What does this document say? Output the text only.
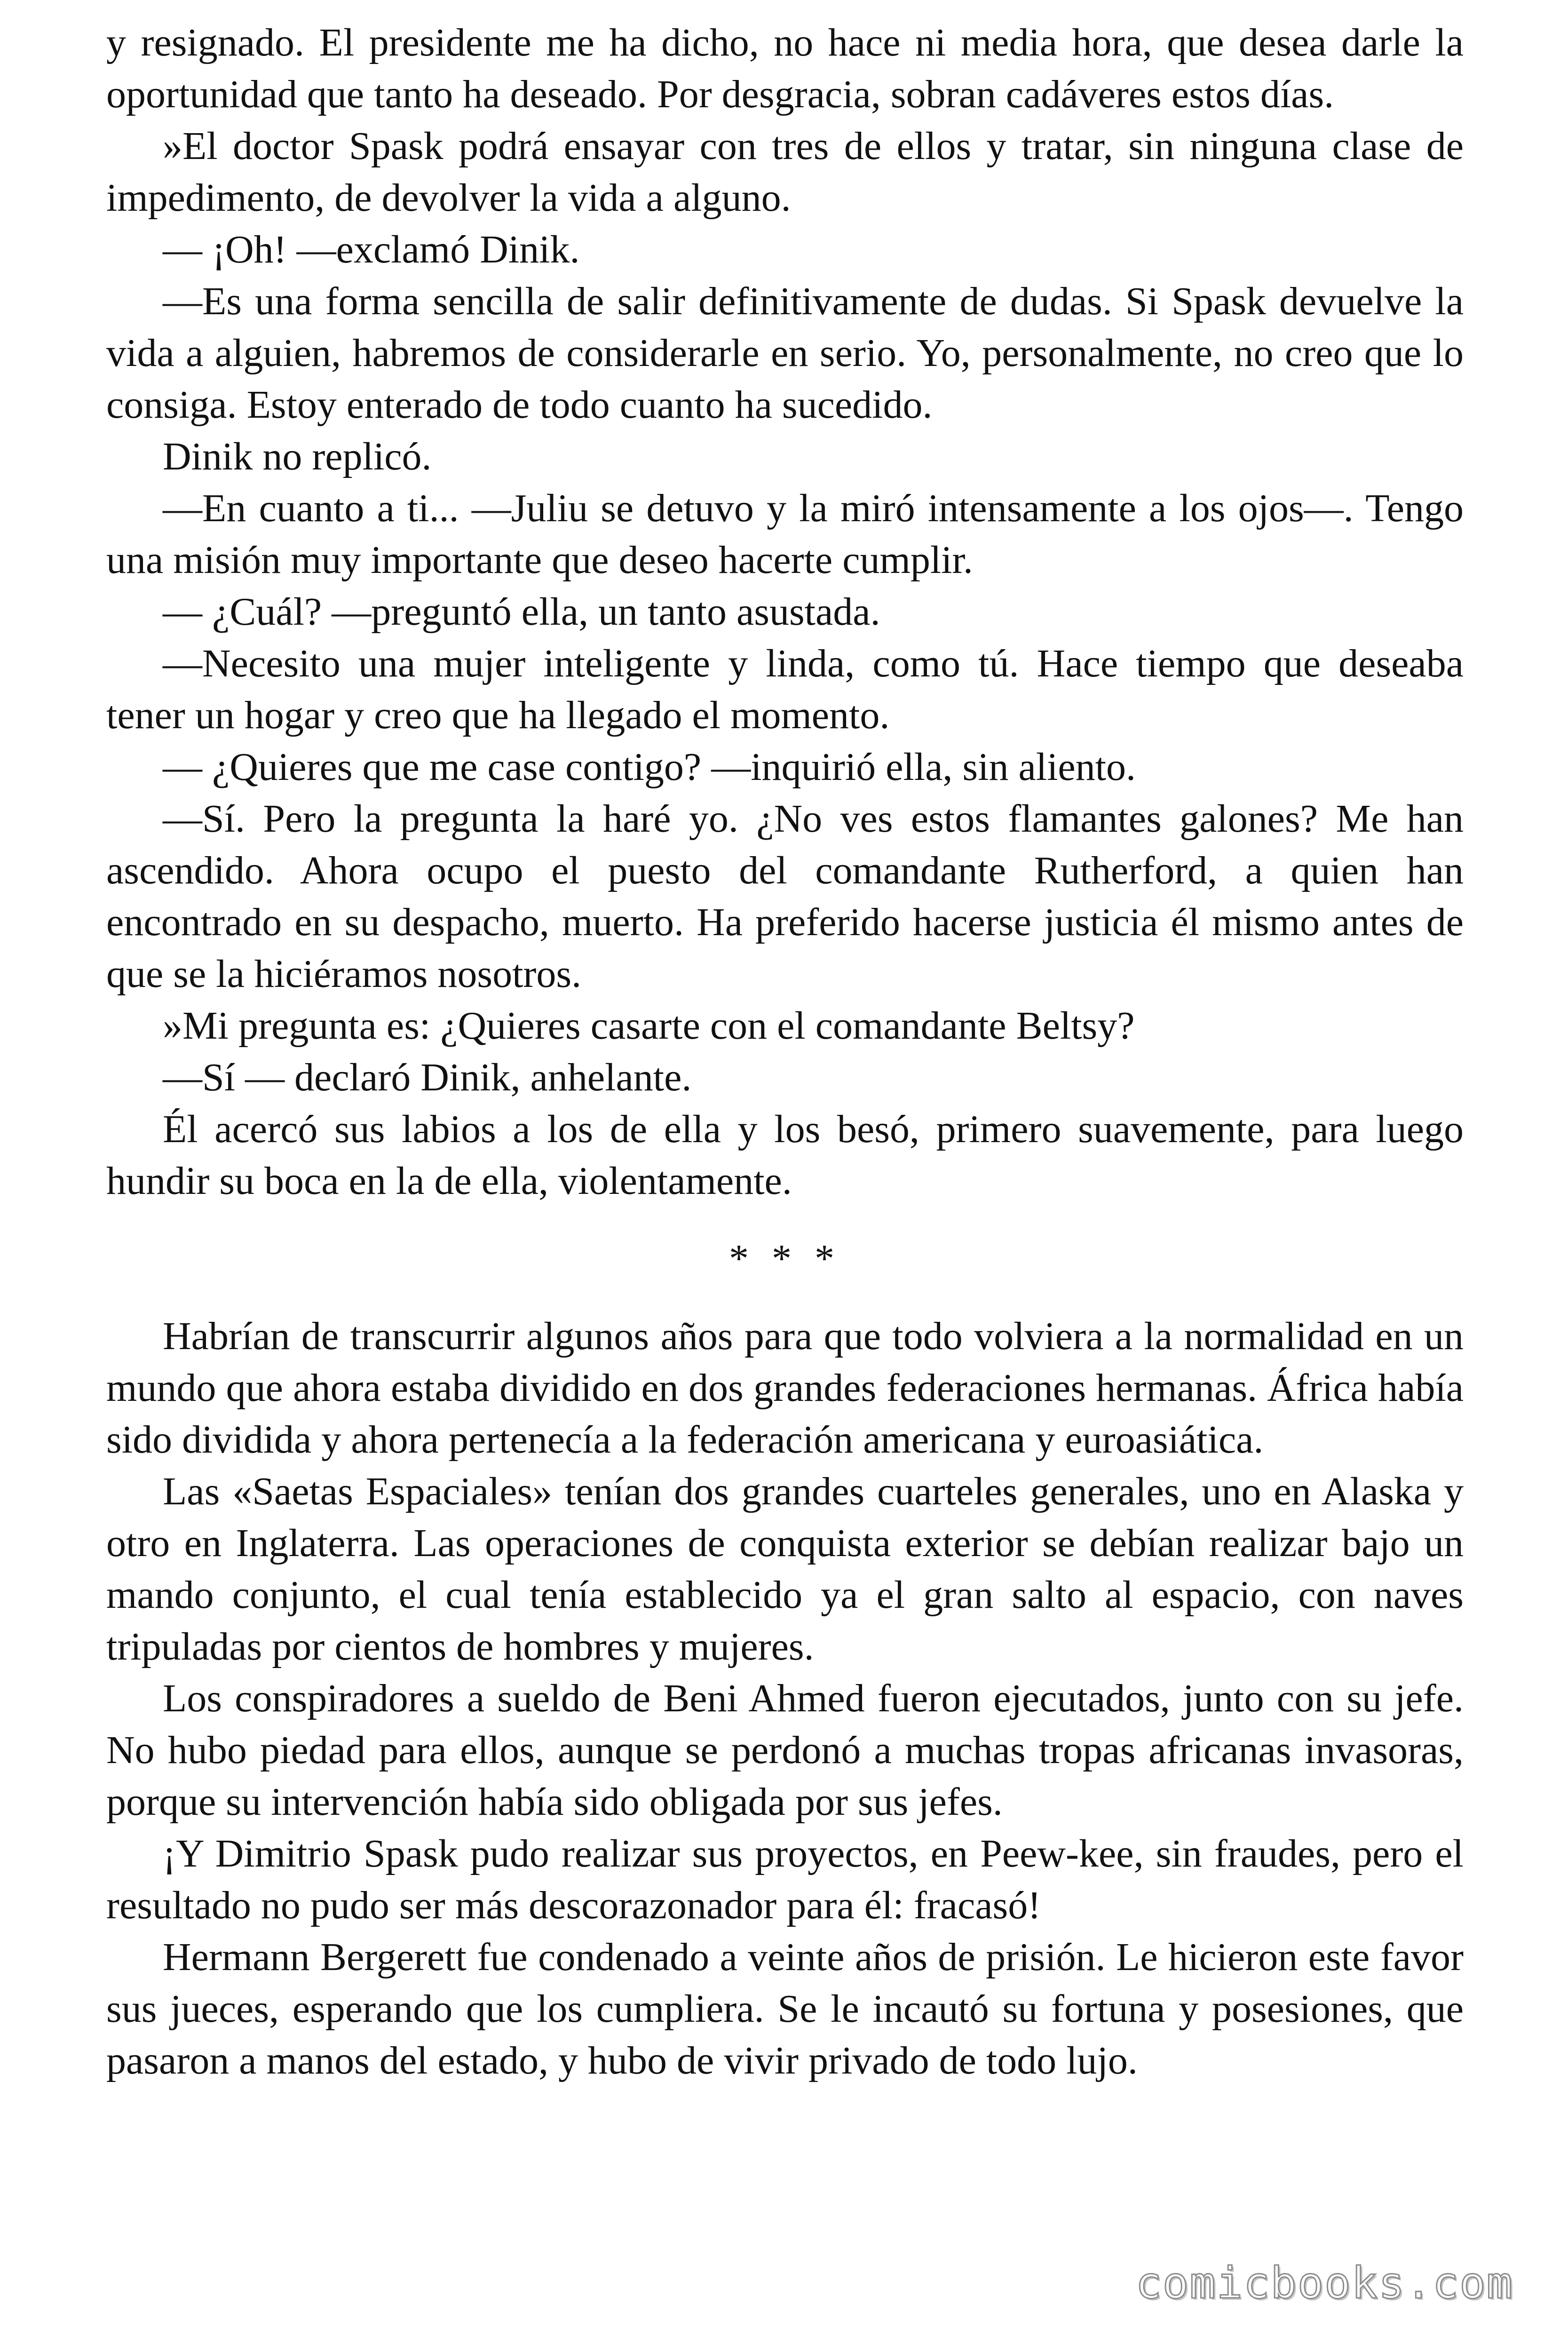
y resignado. El presidente me ha dicho, no hace ni media hora, que desea darle la oportunidad que tanto ha deseado. Por desgracia, sobran cadáveres estos días.

»El doctor Spask podrá ensayar con tres de ellos y tratar, sin ninguna clase de impedimento, de devolver la vida a alguno.

— ¡Oh! —exclamó Dinik.

—Es una forma sencilla de salir definitivamente de dudas. Si Spask devuelve la vida a alguien, habremos de considerarle en serio. Yo, personalmente, no creo que lo consiga. Estoy enterado de todo cuanto ha sucedido.

Dinik no replicó.

—En cuanto a ti... —Juliu se detuvo y la miró intensamente a los ojos—. Tengo una misión muy importante que deseo hacerte cumplir.

— ¿Cuál? —preguntó ella, un tanto asustada.

—Necesito una mujer inteligente y linda, como tú. Hace tiempo que deseaba tener un hogar y creo que ha llegado el momento.

— ¿Quieres que me case contigo? —inquirió ella, sin aliento.

—Sí. Pero la pregunta la haré yo. ¿No ves estos flamantes galones? Me han ascendido. Ahora ocupo el puesto del comandante Rutherford, a quien han encontrado en su despacho, muerto. Ha preferido hacerse justicia él mismo antes de que se la hiciéramos nosotros.

»Mi pregunta es: ¿Quieres casarte con el comandante Beltsy?

—Sí — declaró Dinik, anhelante.

Él acercó sus labios a los de ella y los besó, primero suavemente, para luego hundir su boca en la de ella, violentamente.

* * *

Habrían de transcurrir algunos años para que todo volviera a la normalidad en un mundo que ahora estaba dividido en dos grandes federaciones hermanas. África había sido dividida y ahora pertenecía a la federación americana y euroasiática.

Las «Saetas Espaciales» tenían dos grandes cuarteles generales, uno en Alaska y otro en Inglaterra. Las operaciones de conquista exterior se debían realizar bajo un mando conjunto, el cual tenía establecido ya el gran salto al espacio, con naves tripuladas por cientos de hombres y mujeres.

Los conspiradores a sueldo de Beni Ahmed fueron ejecutados, junto con su jefe. No hubo piedad para ellos, aunque se perdonó a muchas tropas africanas invasoras, porque su intervención había sido obligada por sus jefes.

¡Y Dimitrio Spask pudo realizar sus proyectos, en Peew-kee, sin fraudes, pero el resultado no pudo ser más descorazonador para él: fracasó!

Hermann Bergerett fue condenado a veinte años de prisión. Le hicieron este favor sus jueces, esperando que los cumpliera. Se le incautó su fortuna y posesiones, que pasaron a manos del estado, y hubo de vivir privado de todo lujo.

comicbooks.com
